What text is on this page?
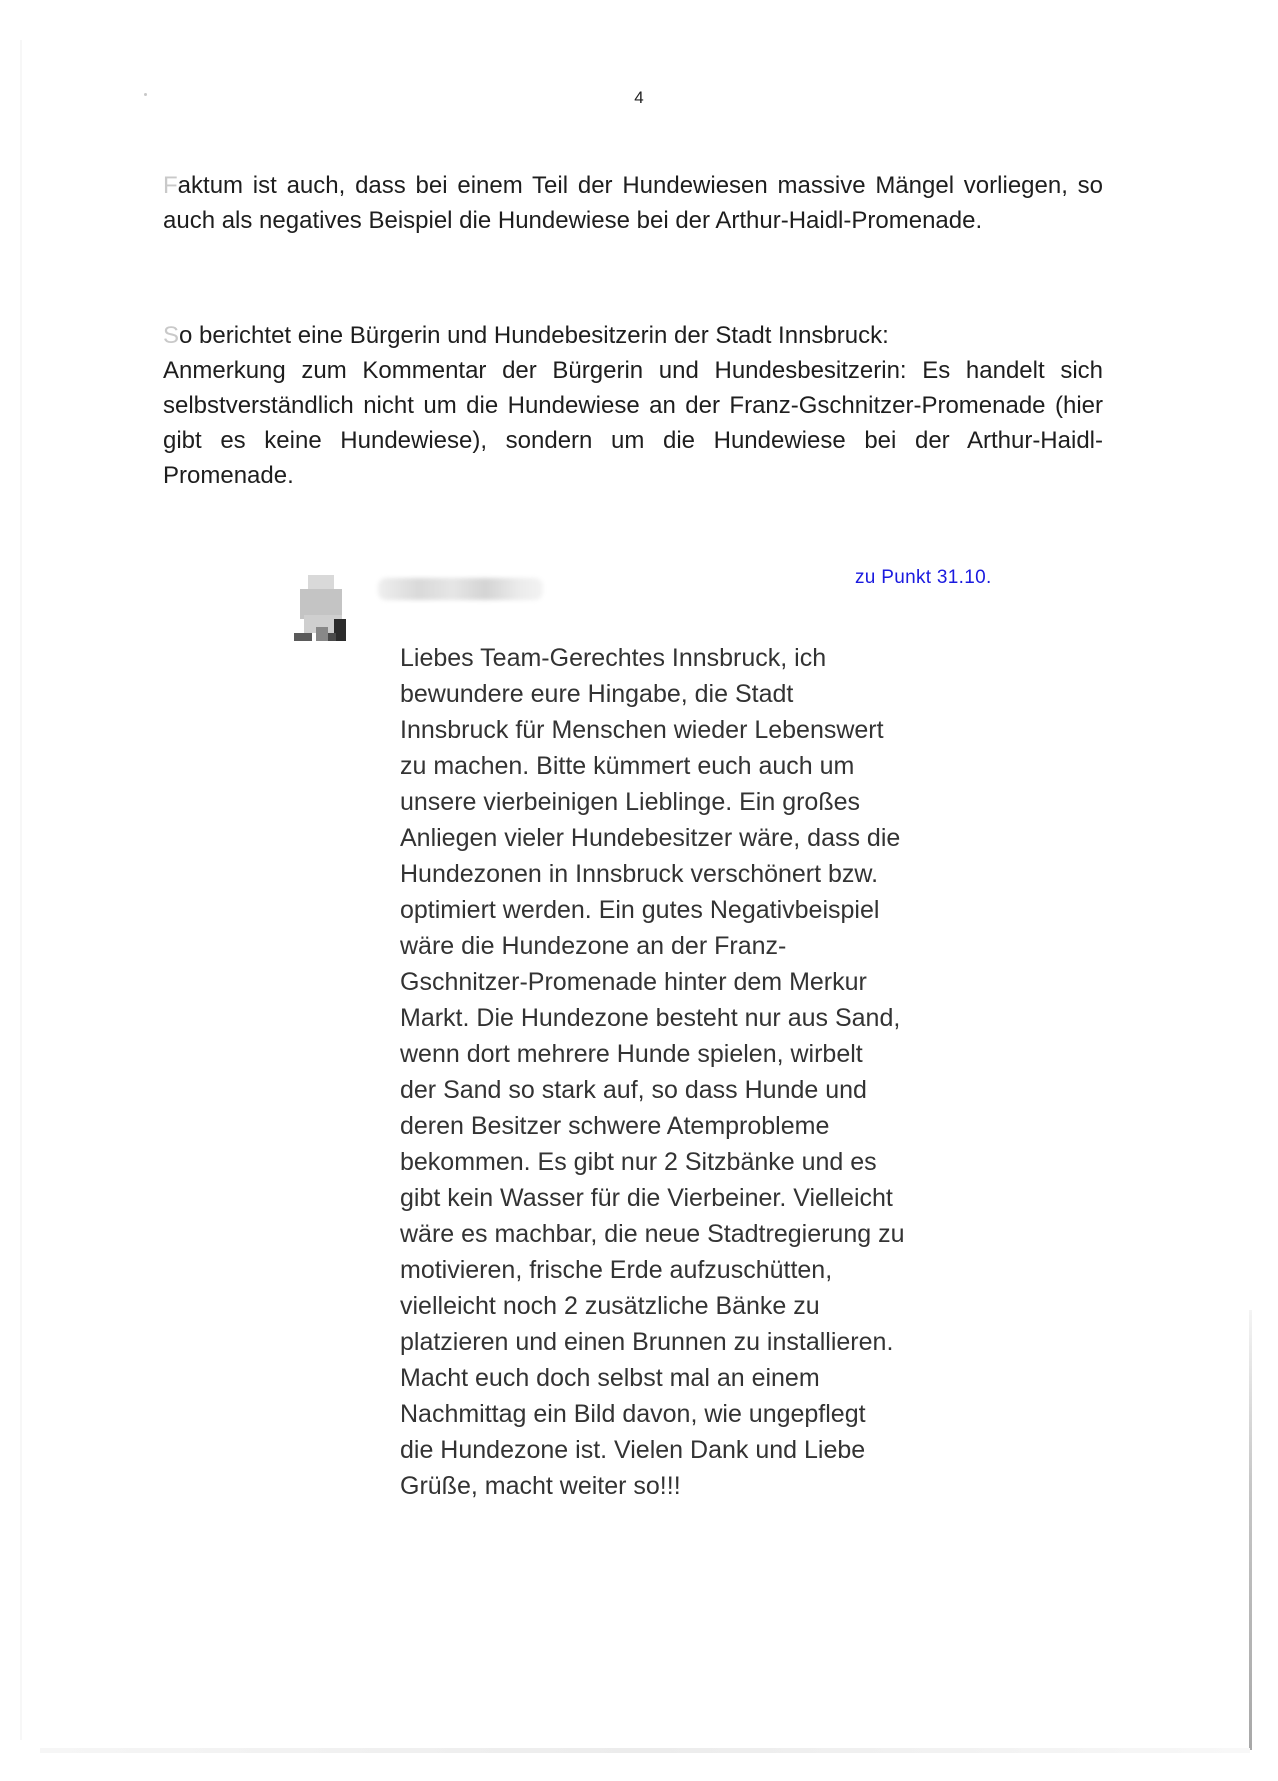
4

Faktum ist auch, dass bei einem Teil der Hundewiesen massive Mängel vorliegen, so auch als negatives Beispiel die Hundewiese bei der Arthur-Haidl-Promenade.

So berichtet eine Bürgerin und Hundebesitzerin der Stadt Innsbruck:
Anmerkung zum Kommentar der Bürgerin und Hundesbesitzerin: Es handelt sich selbstverständlich nicht um die Hundewiese an der Franz-Gschnitzer-Promenade (hier gibt es keine Hundewiese), sondern um die Hundewiese bei der Arthur-Haidl-Promenade.
zu Punkt 31.10.

Liebes Team-Gerechtes Innsbruck, ich
bewundere eure Hingabe, die Stadt
Innsbruck für Menschen wieder Lebenswert
zu machen. Bitte kümmert euch auch um
unsere vierbeinigen Lieblinge. Ein großes
Anliegen vieler Hundebesitzer wäre, dass die
Hundezonen in Innsbruck verschönert bzw.
optimiert werden. Ein gutes Negativbeispiel
wäre die Hundezone an der Franz-
Gschnitzer-Promenade hinter dem Merkur
Markt. Die Hundezone besteht nur aus Sand,
wenn dort mehrere Hunde spielen, wirbelt
der Sand so stark auf, so dass Hunde und
deren Besitzer schwere Atemprobleme
bekommen. Es gibt nur 2 Sitzbänke und es
gibt kein Wasser für die Vierbeiner. Vielleicht
wäre es machbar, die neue Stadtregierung zu
motivieren, frische Erde aufzuschütten,
vielleicht noch 2 zusätzliche Bänke zu
platzieren und einen Brunnen zu installieren.
Macht euch doch selbst mal an einem
Nachmittag ein Bild davon, wie ungepflegt
die Hundezone ist. Vielen Dank und Liebe
Grüße, macht weiter so!!!
